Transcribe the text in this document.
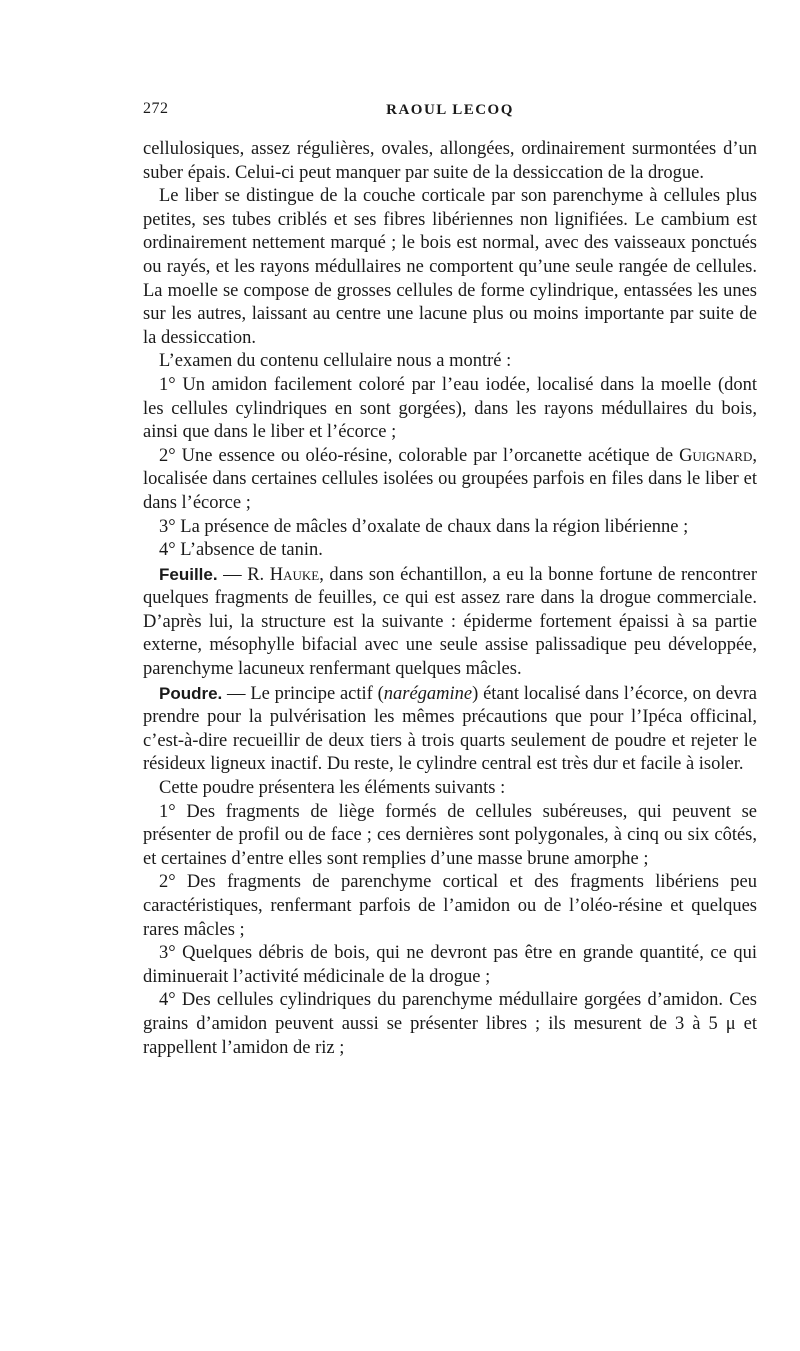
272	RAOUL LECOQ

cellulosiques, assez régulières, ovales, allongées, ordinairement surmontées d’un suber épais. Celui-ci peut manquer par suite de la dessiccation de la drogue.

Le liber se distingue de la couche corticale par son parenchyme à cellules plus petites, ses tubes criblés et ses fibres libériennes non lignifiées. Le cambium est ordinairement nettement marqué ; le bois est normal, avec des vaisseaux ponctués ou rayés, et les rayons médullaires ne comportent qu’une seule rangée de cellules. La moelle se compose de grosses cellules de forme cylindrique, entassées les unes sur les autres, laissant au centre une lacune plus ou moins importante par suite de la dessiccation.

L’examen du contenu cellulaire nous a montré :

1° Un amidon facilement coloré par l’eau iodée, localisé dans la moelle (dont les cellules cylindriques en sont gorgées), dans les rayons médullaires du bois, ainsi que dans le liber et l’écorce ;

2° Une essence ou oléo-résine, colorable par l’orcanette acétique de Guignard, localisée dans certaines cellules isolées ou groupées parfois en files dans le liber et dans l’écorce ;

3° La présence de mâcles d’oxalate de chaux dans la région libérienne ;

4° L’absence de tanin.

Feuille. — R. Hauke, dans son échantillon, a eu la bonne fortune de rencontrer quelques fragments de feuilles, ce qui est assez rare dans la drogue commerciale. D’après lui, la structure est la suivante : épiderme fortement épaissi à sa partie externe, mésophylle bifacial avec une seule assise palissadique peu développée, parenchyme lacuneux renfermant quelques mâcles.

Poudre. — Le principe actif (narégamine) étant localisé dans l’écorce, on devra prendre pour la pulvérisation les mêmes précautions que pour l’Ipéca officinal, c’est-à-dire recueillir de deux tiers à trois quarts seulement de poudre et rejeter le résideux ligneux inactif. Du reste, le cylindre central est très dur et facile à isoler.

Cette poudre présentera les éléments suivants :

1° Des fragments de liège formés de cellules subéreuses, qui peuvent se présenter de profil ou de face ; ces dernières sont polygonales, à cinq ou six côtés, et certaines d’entre elles sont remplies d’une masse brune amorphe ;

2° Des fragments de parenchyme cortical et des fragments libériens peu caractéristiques, renfermant parfois de l’amidon ou de l’oléo-résine et quelques rares mâcles ;

3° Quelques débris de bois, qui ne devront pas être en grande quantité, ce qui diminuerait l’activité médicinale de la drogue ;

4° Des cellules cylindriques du parenchyme médullaire gorgées d’amidon. Ces grains d’amidon peuvent aussi se présenter libres ; ils mesurent de 3 à 5 μ et rappellent l’amidon de riz ;
